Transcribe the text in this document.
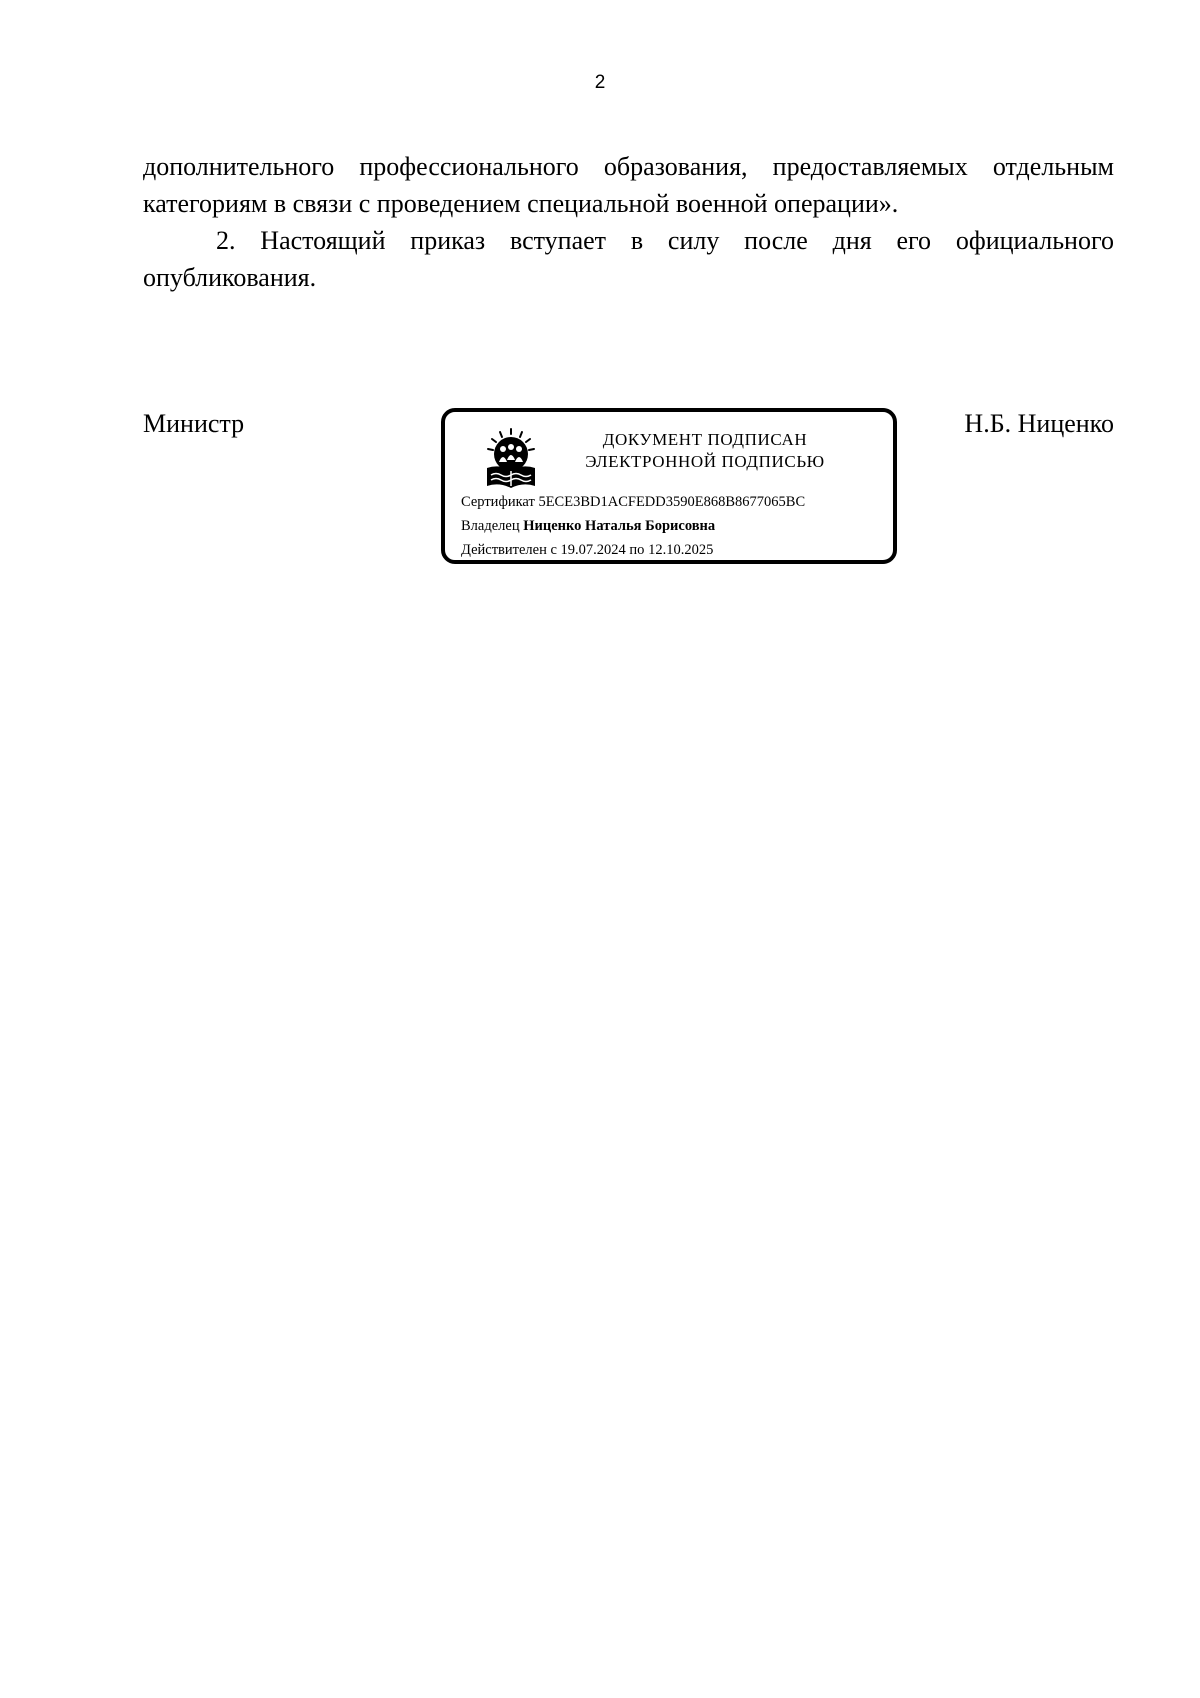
2

дополнительного профессионального образования, предоставляемых отдельным категориям в связи с проведением специальной военной операции».

2. Настоящий приказ вступает в силу после дня его официального опубликования.

Министр
ДОКУМЕНТ ПОДПИСАН
ЭЛЕКТРОННОЙ ПОДПИСЬЮ
Сертификат 5ECE3BD1ACFEDD3590E868B8677065BC
Владелец Ниценко Наталья Борисовна
Действителен с 19.07.2024 по 12.10.2025
Н.Б. Ниценко
